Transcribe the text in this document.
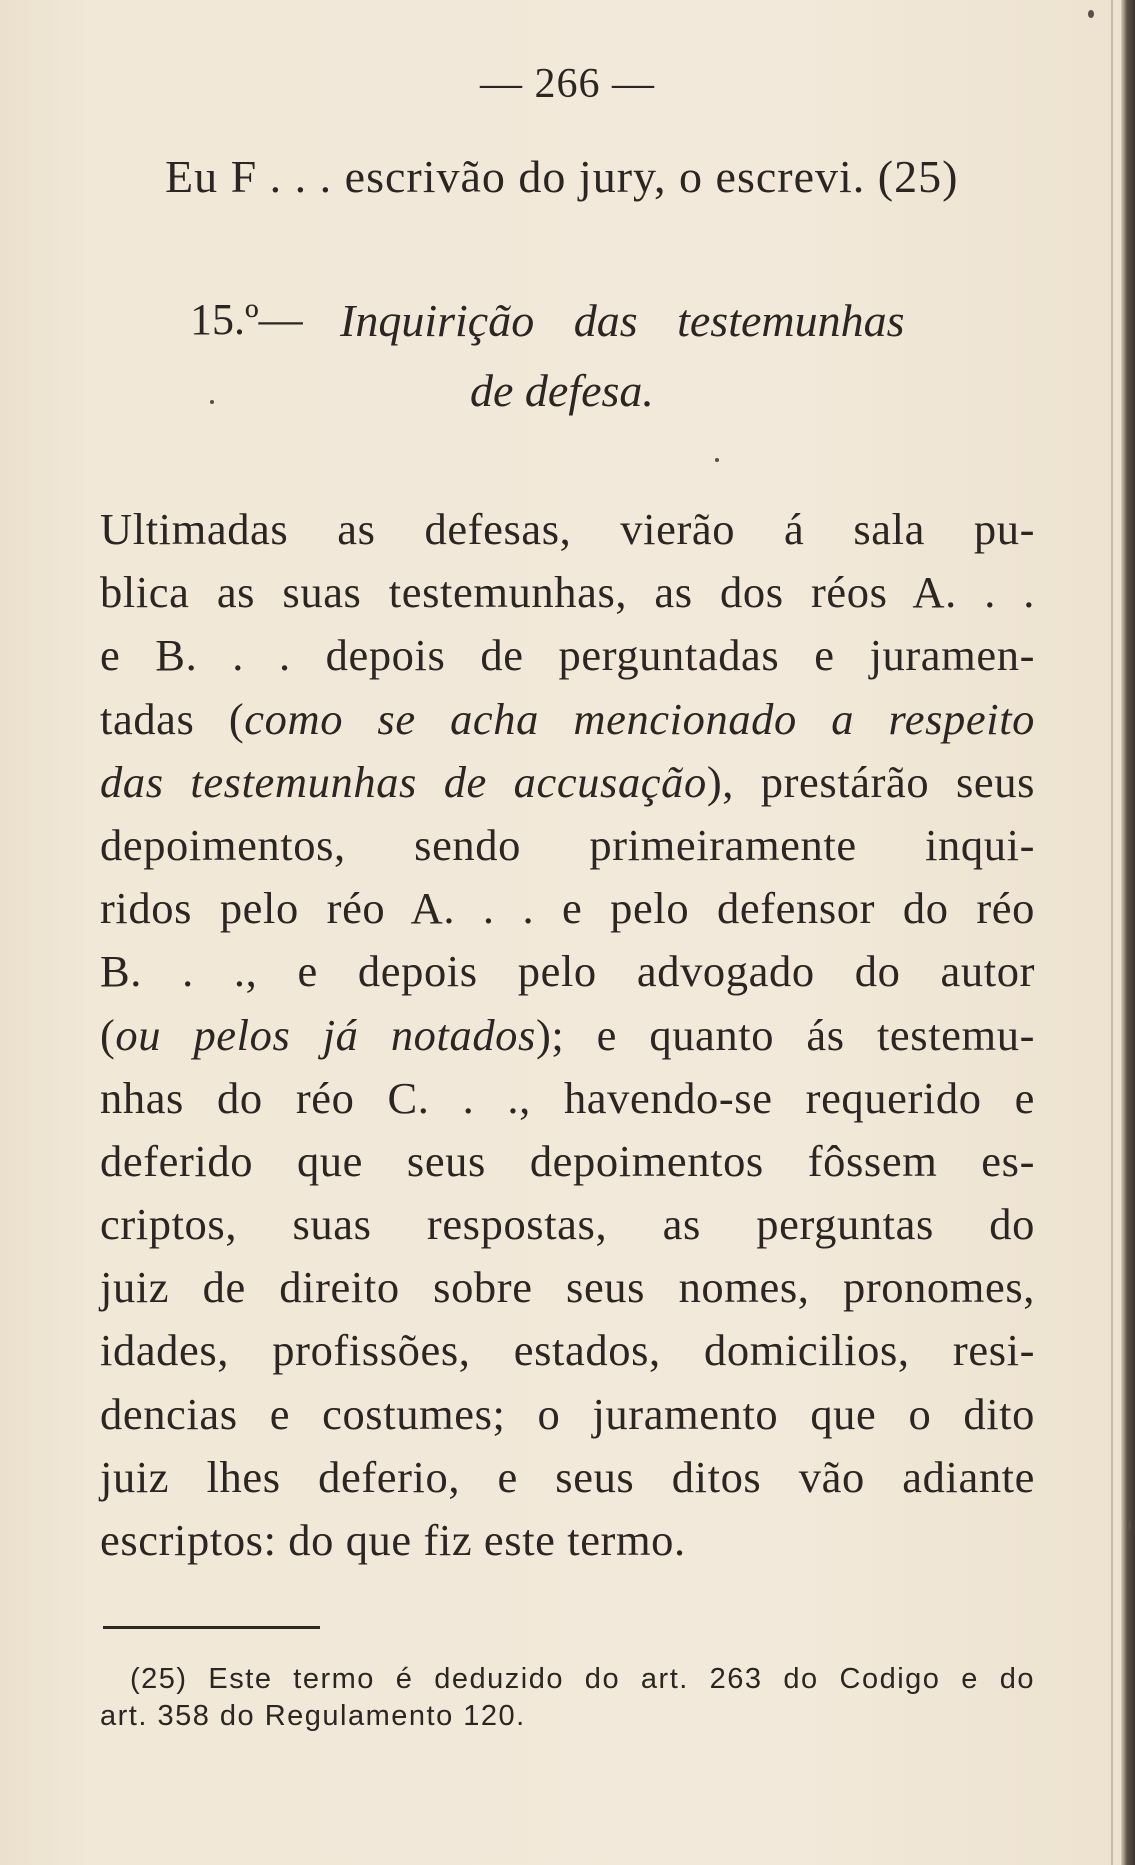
— 266 —
Eu F . . . escrivão do jury, o escrevi. (25)
15.º— Inquirição das testemunhas
de defesa.
Ultimadas as defesas, vierão á sala pu-
blica as suas testemunhas, as dos réos A. . .
e B. . . depois de perguntadas e juramen-
tadas (como se acha mencionado a respeito
das testemunhas de accusação), prestárão seus
depoimentos, sendo primeiramente inqui-
ridos pelo réo A. . . e pelo defensor do réo
B. . ., e depois pelo advogado do autor
(ou pelos já notados); e quanto ás testemu-
nhas do réo C. . ., havendo-se requerido e
deferido que seus depoimentos fôssem es-
criptos, suas respostas, as perguntas do
juiz de direito sobre seus nomes, pronomes,
idades, profissões, estados, domicilios, resi-
dencias e costumes; o juramento que o dito
juiz lhes deferio, e seus ditos vão adiante
escriptos: do que fiz este termo.
(25) Este termo é deduzido do art. 263 do Codigo e do
art. 358 do Regulamento 120.
